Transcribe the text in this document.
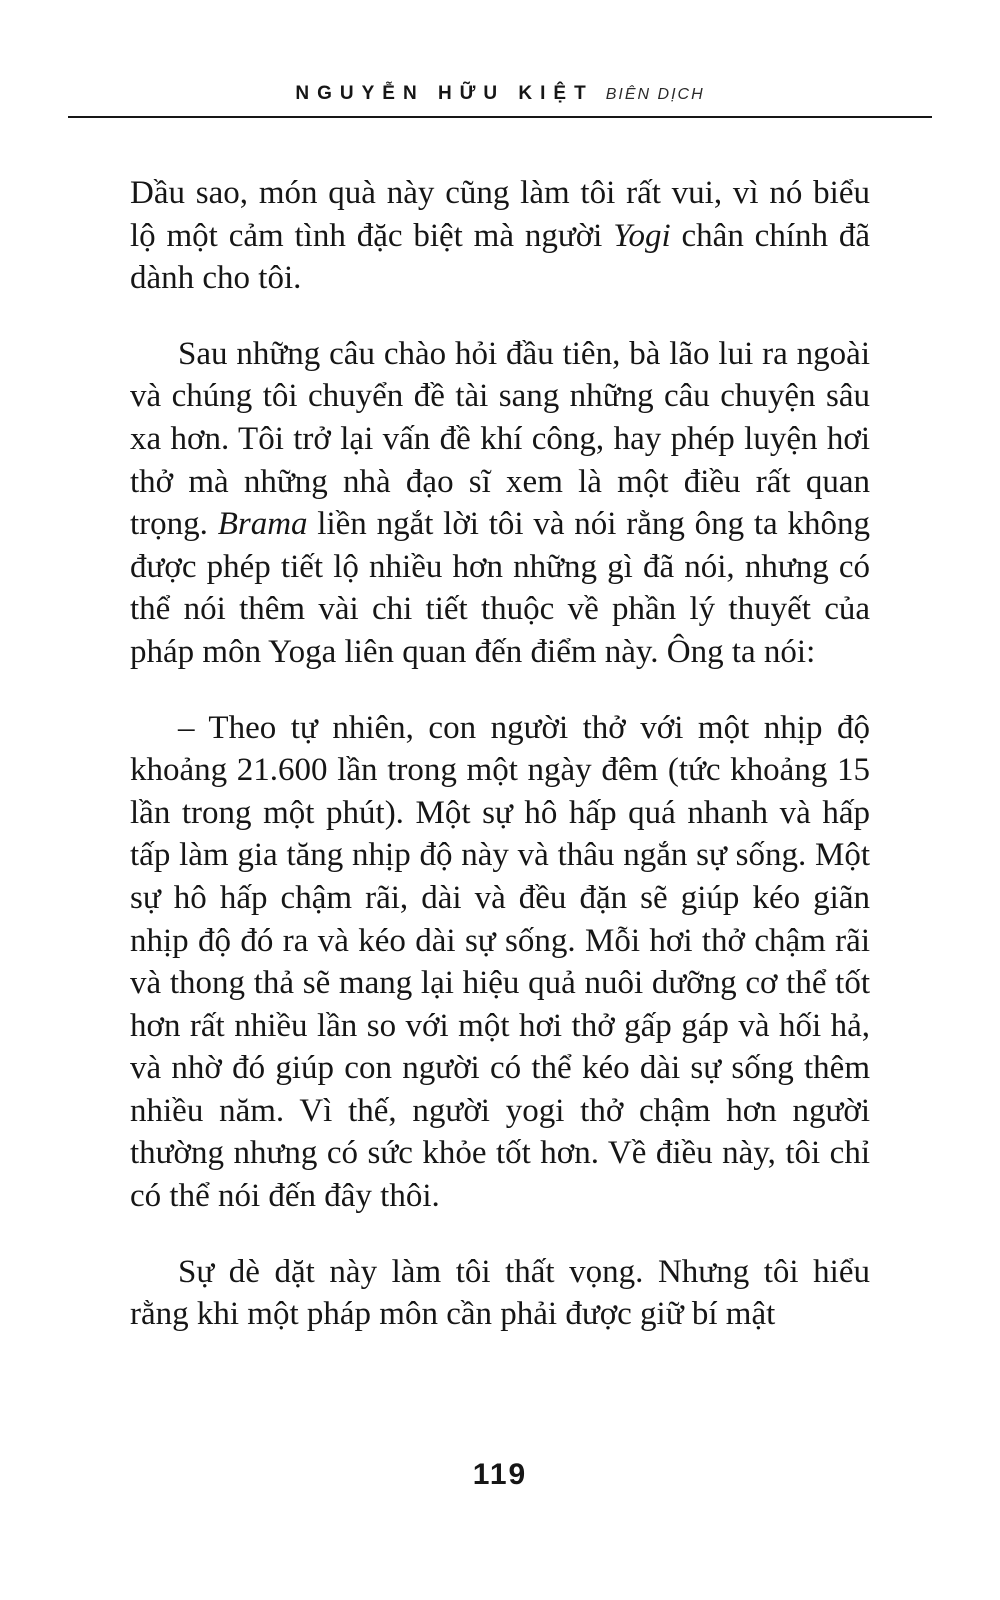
NGUYỄN HỮU KIỆT BIÊN DỊCH

Dầu sao, món quà này cũng làm tôi rất vui, vì nó biểu lộ một cảm tình đặc biệt mà người Yogi chân chính đã dành cho tôi.

Sau những câu chào hỏi đầu tiên, bà lão lui ra ngoài và chúng tôi chuyển đề tài sang những câu chuyện sâu xa hơn. Tôi trở lại vấn đề khí công, hay phép luyện hơi thở mà những nhà đạo sĩ xem là một điều rất quan trọng. Brama liền ngắt lời tôi và nói rằng ông ta không được phép tiết lộ nhiều hơn những gì đã nói, nhưng có thể nói thêm vài chi tiết thuộc về phần lý thuyết của pháp môn Yoga liên quan đến điểm này. Ông ta nói:

– Theo tự nhiên, con người thở với một nhịp độ khoảng 21.600 lần trong một ngày đêm (tức khoảng 15 lần trong một phút). Một sự hô hấp quá nhanh và hấp tấp làm gia tăng nhịp độ này và thâu ngắn sự sống. Một sự hô hấp chậm rãi, dài và đều đặn sẽ giúp kéo giãn nhịp độ đó ra và kéo dài sự sống. Mỗi hơi thở chậm rãi và thong thả sẽ mang lại hiệu quả nuôi dưỡng cơ thể tốt hơn rất nhiều lần so với một hơi thở gấp gáp và hối hả, và nhờ đó giúp con người có thể kéo dài sự sống thêm nhiều năm. Vì thế, người yogi thở chậm hơn người thường nhưng có sức khỏe tốt hơn. Về điều này, tôi chỉ có thể nói đến đây thôi.

Sự dè dặt này làm tôi thất vọng. Nhưng tôi hiểu rằng khi một pháp môn cần phải được giữ bí mật

119
